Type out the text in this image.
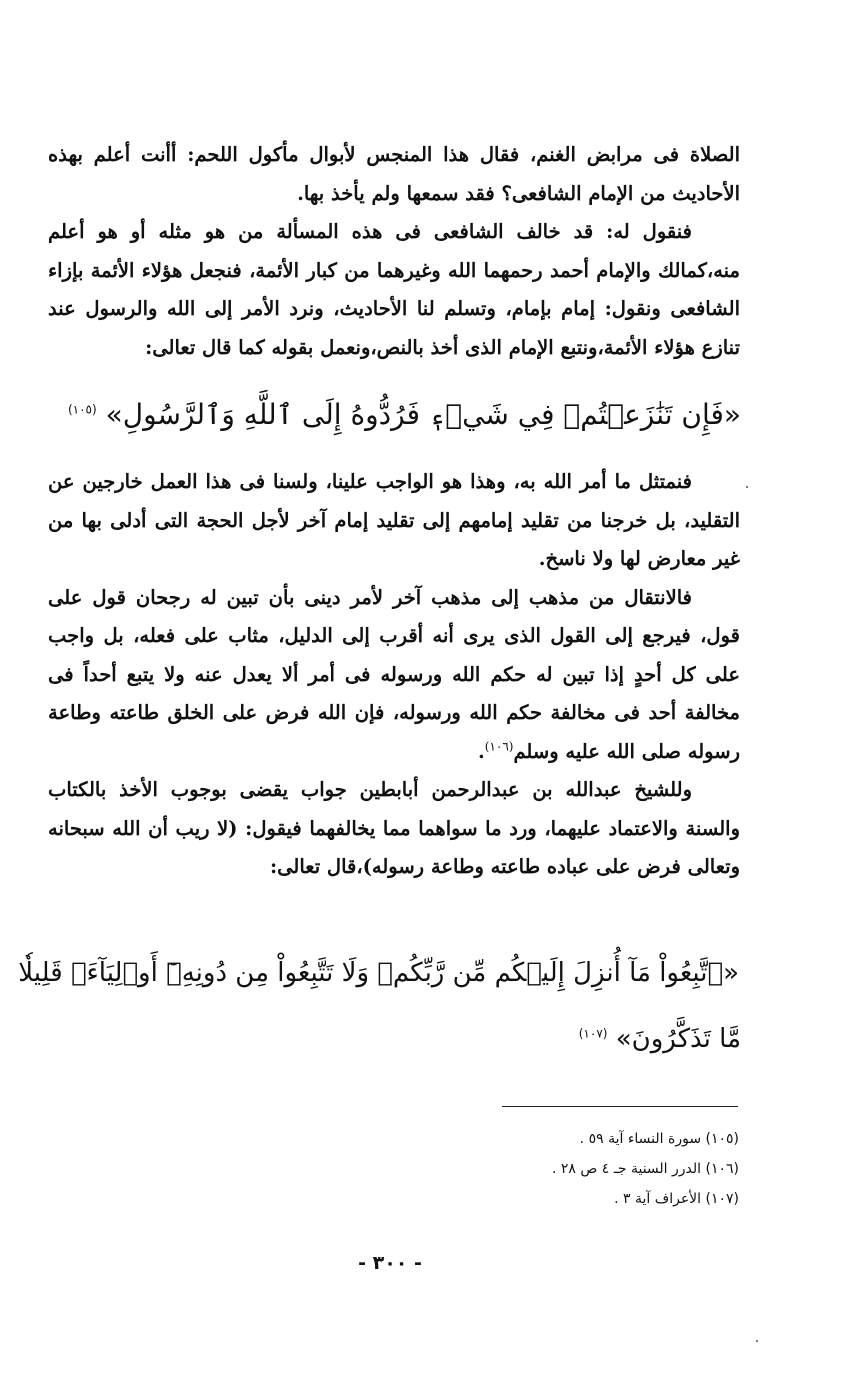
الصلاة فى مرابض الغنم، فقال هذا المنجس لأبوال مأكول اللحم: أأنت أعلم بهذه الأحاديث من الإمام الشافعى؟ فقد سمعها ولم يأخذ بها.

فنقول له: قد خالف الشافعى فى هذه المسألة من هو مثله أو هو أعلم منه،كمالك والإمام أحمد رحمهما الله وغيرهما من كبار الأئمة، فنجعل هؤلاء الأئمة بإزاء الشافعى ونقول: إمام بإمام، وتسلم لنا الأحاديث، ونرد الأمر إلى الله والرسول عند تنازع هؤلاء الأئمة،ونتبع الإمام الذى أخذ بالنص،ونعمل بقوله كما قال تعالى:

فنمتثل ما أمر الله به، وهذا هو الواجب علينا، ولسنا فى هذا العمل خارجين عن التقليد، بل خرجنا من تقليد إمامهم إلى تقليد إمام آخر لأجل الحجة التى أدلى بها من غير معارض لها ولا ناسخ.

فالانتقال من مذهب إلى مذهب آخر لأمر دينى بأن تبين له رجحان قول على قول، فيرجع إلى القول الذى يرى أنه أقرب إلى الدليل، مثاب على فعله، بل واجب على كل أحدٍ إذا تبين له حكم الله ورسوله فى أمر ألا يعدل عنه ولا يتبع أحداً فى مخالفة أحد فى مخالفة حكم الله ورسوله، فإن الله فرض على الخلق طاعته وطاعة رسوله صلى الله عليه وسلم$^{(١٠٦)}$.

وللشيخ عبدالله بن عبدالرحمن أبابطين جواب يقضى بوجوب الأخذ بالكتاب والسنة والاعتماد عليهما، ورد ما سواهما مما يخالفهما فيقول: (لا ريب أن الله سبحانه وتعالى فرض على عباده طاعته وطاعة رسوله)،قال تعالى:

«فَإِن تَنَٰزَعۡتُمۡ فِي شَيۡءٖ فَرُدُّوهُ إِلَى ٱللَّهِ وَٱلرَّسُولِ» $^{(١٠٥)}$
«ٱتَّبِعُواْ مَآ أُنزِلَ إِلَيۡكُم مِّن رَّبِّكُمۡ وَلَا تَتَّبِعُواْ مِن دُونِهِۦٓ أَوۡلِيَآءَۗ قَلِيلٗا
مَّا تَذَكَّرُونَ» $^{(١٠٧)}$
(١٠٥) سورة النساء آية ٥٩ .
(١٠٦) الدرر السنية جـ ٤ ص ٢٨ .
(١٠٧) الأعراف آية ٣ .
- ٣٠٠ -
